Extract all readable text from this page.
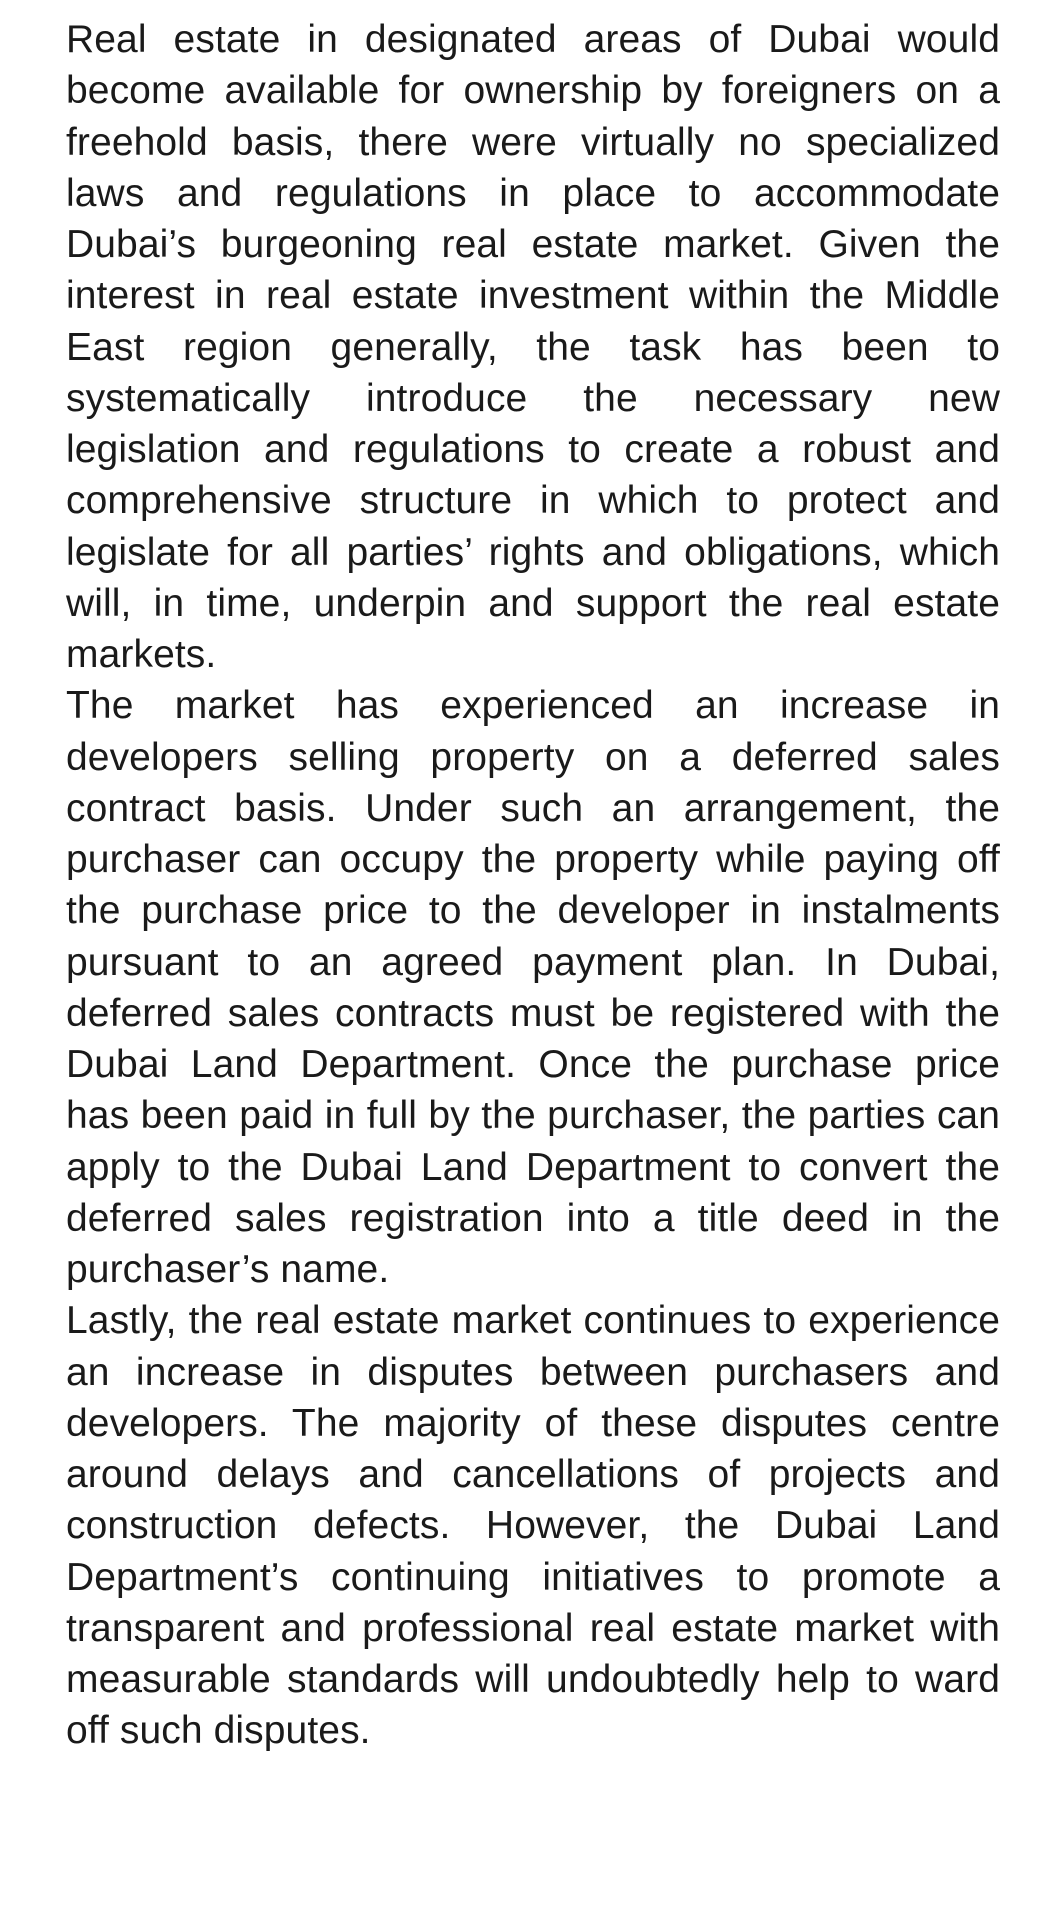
Real estate in designated areas of Dubai would become available for ownership by foreigners on a freehold basis, there were virtually no specialized laws and regulations in place to accommodate Dubai’s burgeoning real estate market. Given the interest in real estate investment within the Middle East region generally, the task has been to systematically introduce the necessary new legislation and regulations to create a robust and comprehensive structure in which to protect and legislate for all parties’ rights and obligations, which will, in time, underpin and support the real estate markets.

The market has experienced an increase in developers selling property on a deferred sales contract basis. Under such an arrangement, the purchaser can occupy the property while paying off the purchase price to the developer in instalments pursuant to an agreed payment plan. In Dubai, deferred sales contracts must be registered with the Dubai Land Department. Once the purchase price has been paid in full by the purchaser, the parties can apply to the Dubai Land Department to convert the deferred sales registration into a title deed in the purchaser’s name.

Lastly, the real estate market continues to experience an increase in disputes between purchasers and developers. The majority of these disputes centre around delays and cancellations of projects and construction defects. However, the Dubai Land Department’s continuing initiatives to promote a transparent and professional real estate market with measurable standards will undoubtedly help to ward off such disputes.
